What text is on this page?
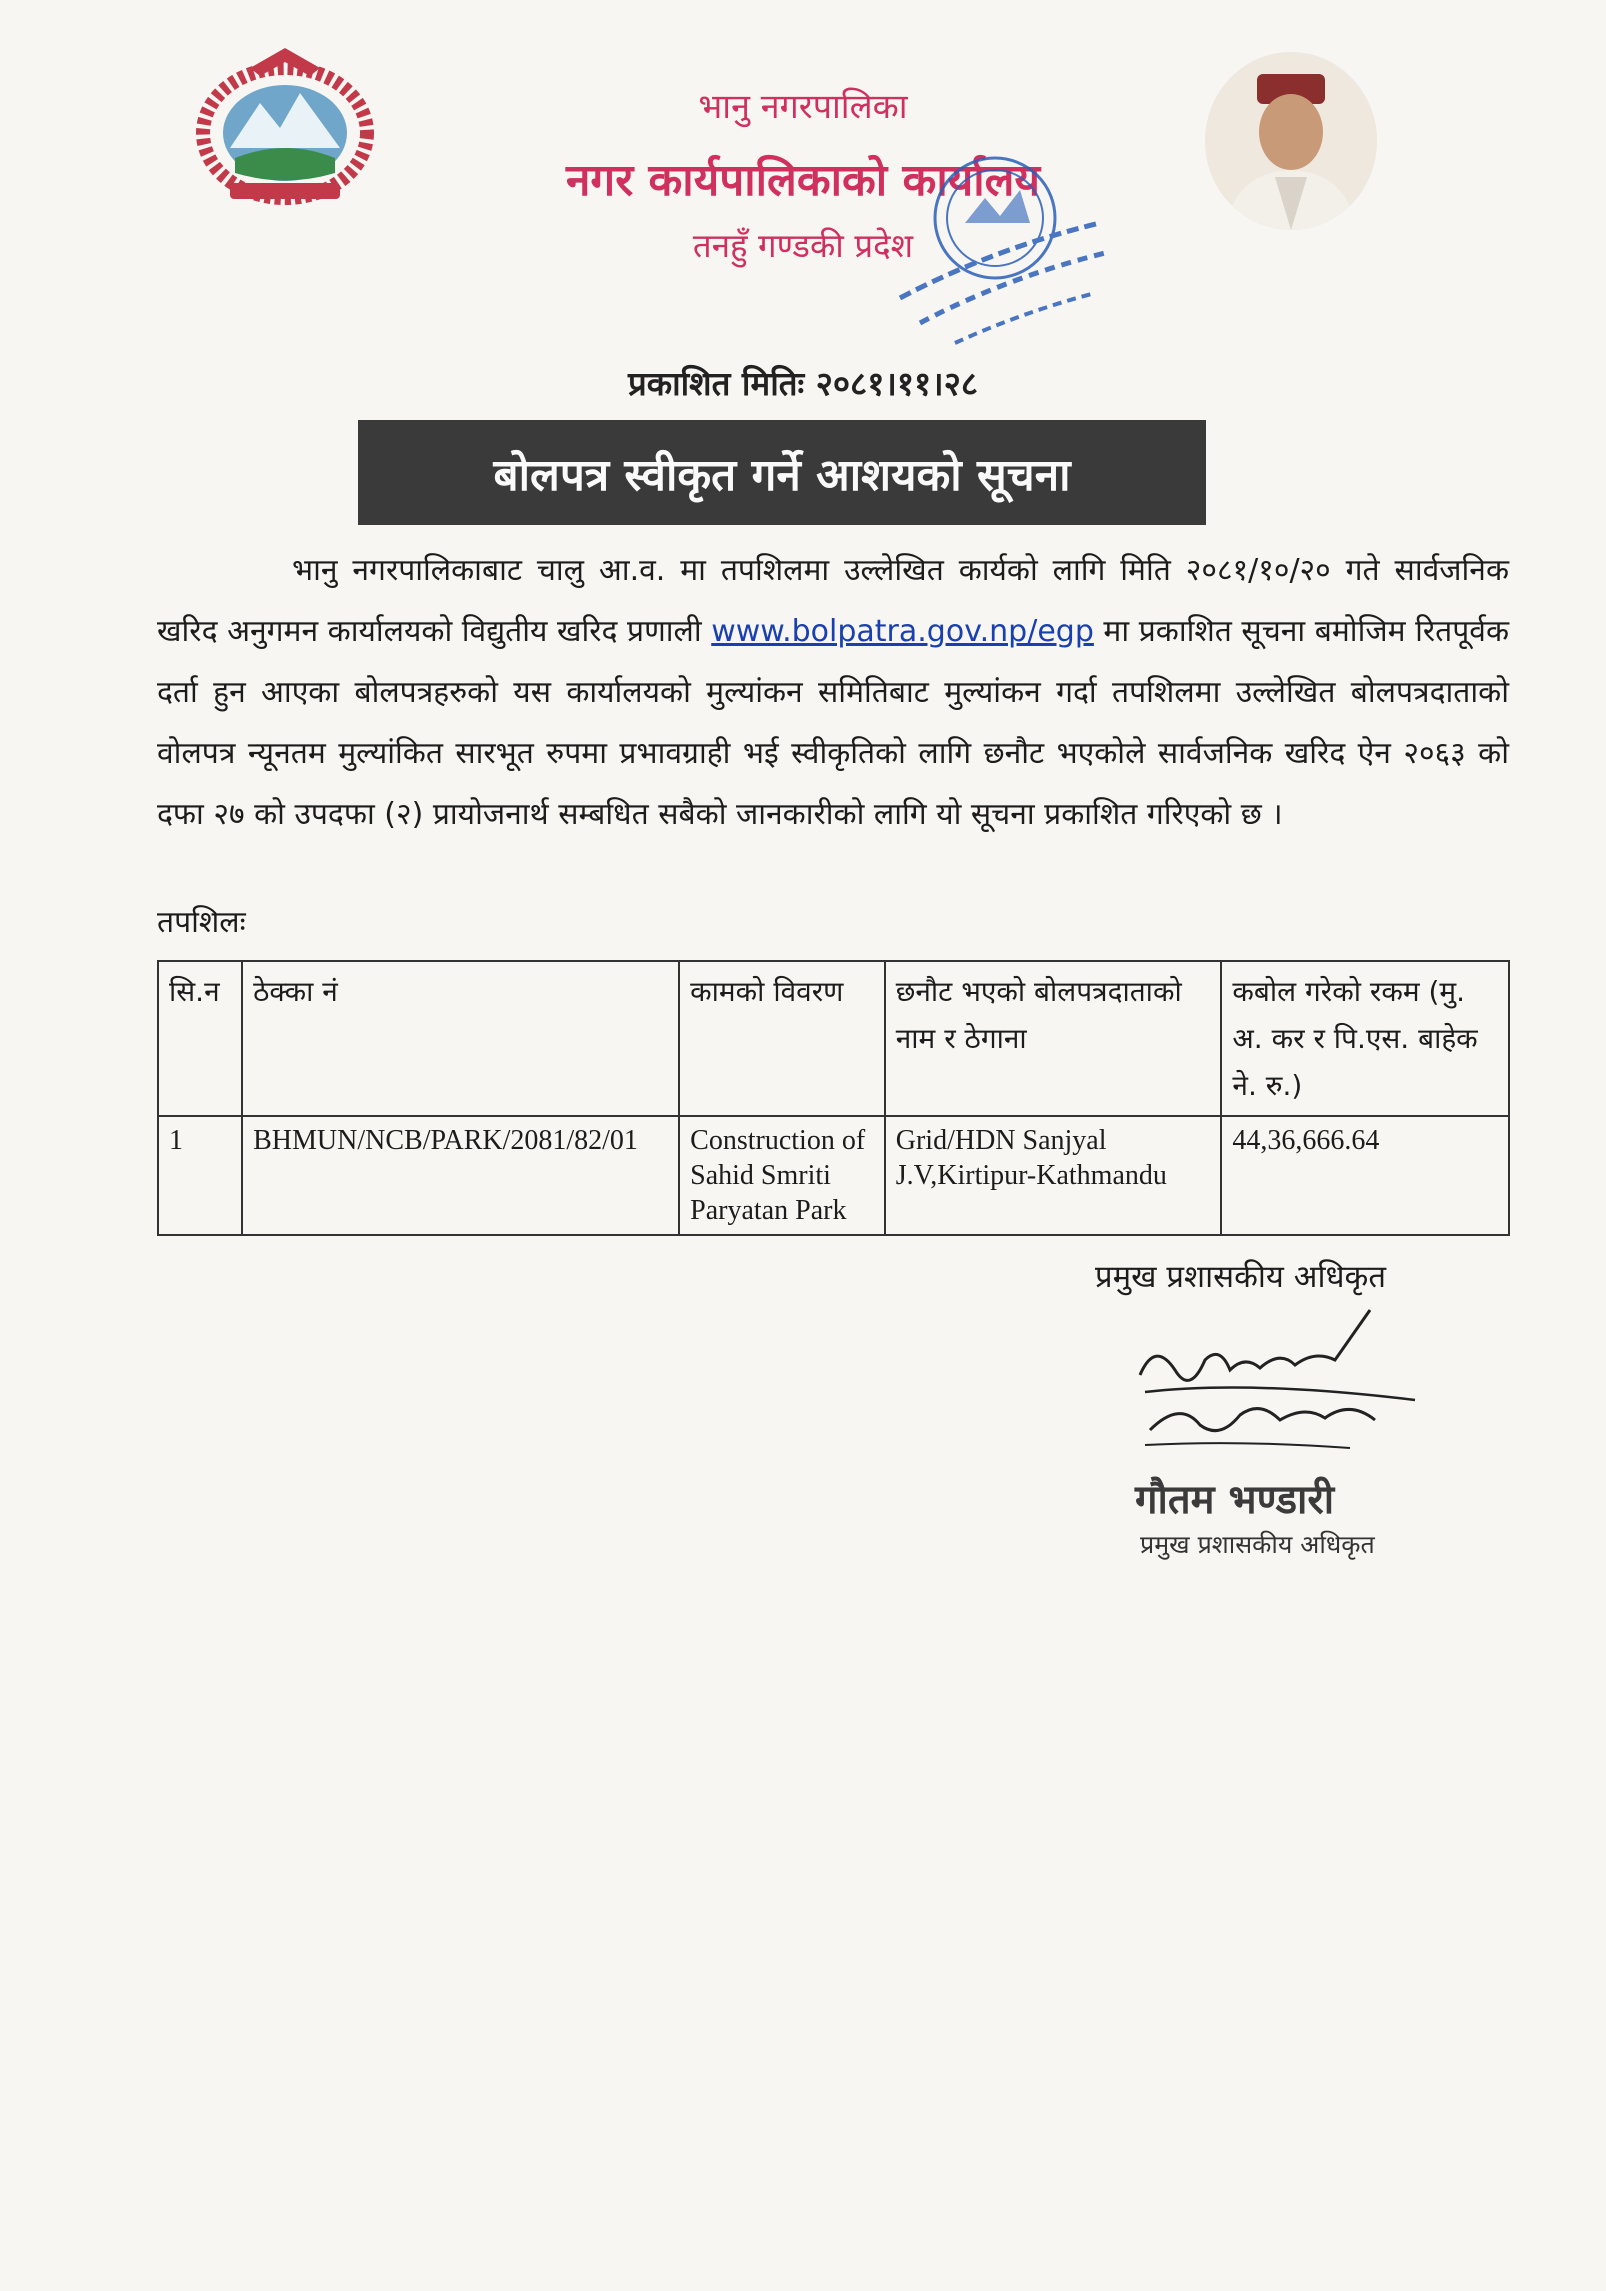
भानु नगरपालिका
नगर कार्यपालिकाको कार्यालय
तनहुँ गण्डकी प्रदेश
प्रकाशित मितिः २०८१।११।२८
बोलपत्र स्वीकृत गर्ने आशयको सूचना
भानु नगरपालिकाबाट चालु आ.व. मा तपशिलमा उल्लेखित कार्यको लागि मिति २०८१/१०/२० गते सार्वजनिक खरिद अनुगमन कार्यालयको विद्युतीय खरिद प्रणाली www.bolpatra.gov.np/egp मा प्रकाशित सूचना बमोजिम रितपूर्वक दर्ता हुन आएका बोलपत्रहरुको यस कार्यालयको मुल्यांकन समितिबाट मुल्यांकन गर्दा तपशिलमा उल्लेखित बोलपत्रदाताको वोलपत्र न्यूनतम मुल्यांकित सारभूत रुपमा प्रभावग्राही भई स्वीकृतिको लागि छनौट भएकोले सार्वजनिक खरिद ऐन २०६३ को दफा २७ को उपदफा (२) प्रायोजनार्थ सम्बधित सबैको जानकारीको लागि यो सूचना प्रकाशित गरिएको छ ।
तपशिलः
सि.न	ठेक्का नं	कामको विवरण	छनौट भएको बोलपत्रदाताको नाम र ठेगाना	कबोल गरेको रकम (मु. अ. कर र पि.एस. बाहेक ने. रु.)
1	BHMUN/NCB/PARK/2081/82/01	Construction of Sahid Smriti Paryatan Park	Grid/HDN Sanjyal J.V,Kirtipur-Kathmandu	44,36,666.64
प्रमुख प्रशासकीय अधिकृत
गौतम भण्डारी
प्रमुख प्रशासकीय अधिकृत
